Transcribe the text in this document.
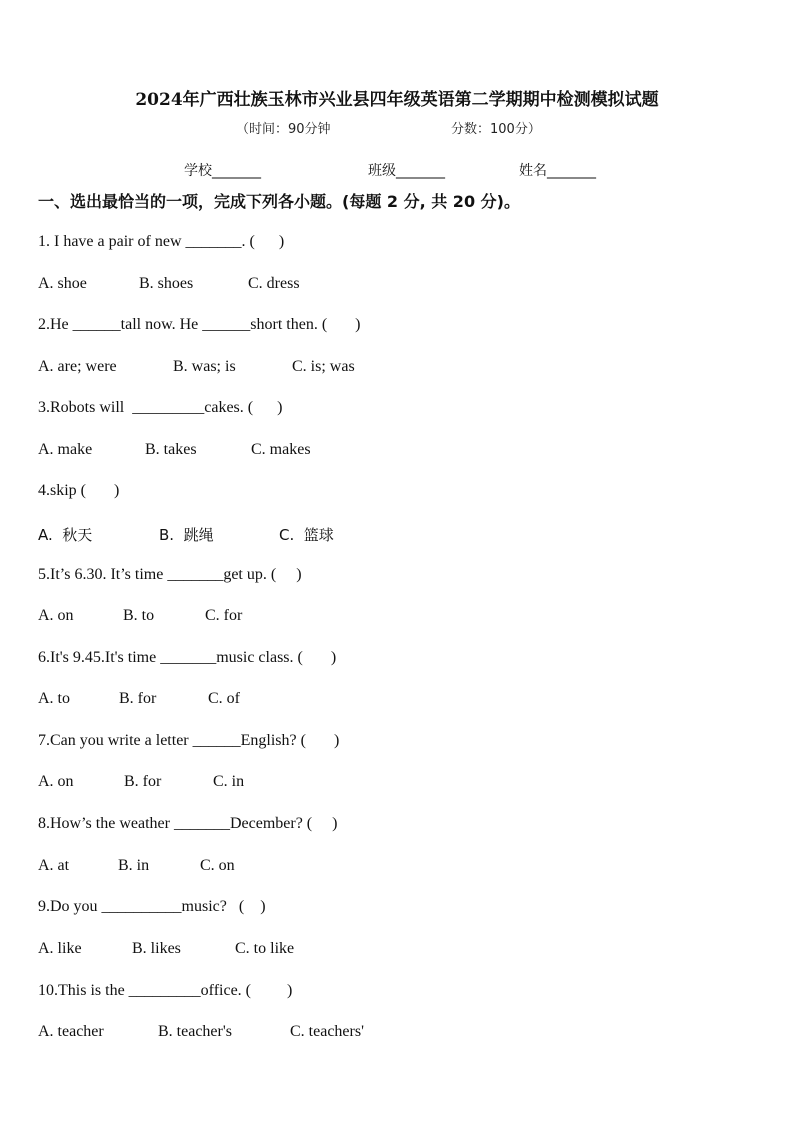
2024年广西壮族玉林市兴业县四年级英语第二学期期中检测模拟试题
（时间：90分钟	分数：100分）
学校_______	班级_______	姓名_______
一、选出最恰当的一项，完成下列各小题。(每题 2 分, 共 20 分)。
1. I have a pair of new _______. (      )
A. shoe	B. shoes	C. dress
2.He ______tall now. He ______short then. (       )
A. are; were	B. was; is	C. is; was
3.Robots will  _________cakes. (      )
A. make	B. takes	C. makes
4.skip (       )
A.  秋天	B.  跳绳	C.  篮球
5.It’s 6.30. It’s time _______get up. (     )
A. on	B. to	C. for
6.It's 9.45.It's time _______music class. (       )
A. to	B. for	C. of
7.Can you write a letter ______English? (       )
A. on	B. for	C. in
8.How’s the weather _______December? (     )
A. at	B. in	C. on
9.Do you __________music?   (    )
A. like	B. likes	C. to like
10.This is the _________office. (         )
A. teacher	B. teacher's	C. teachers'
